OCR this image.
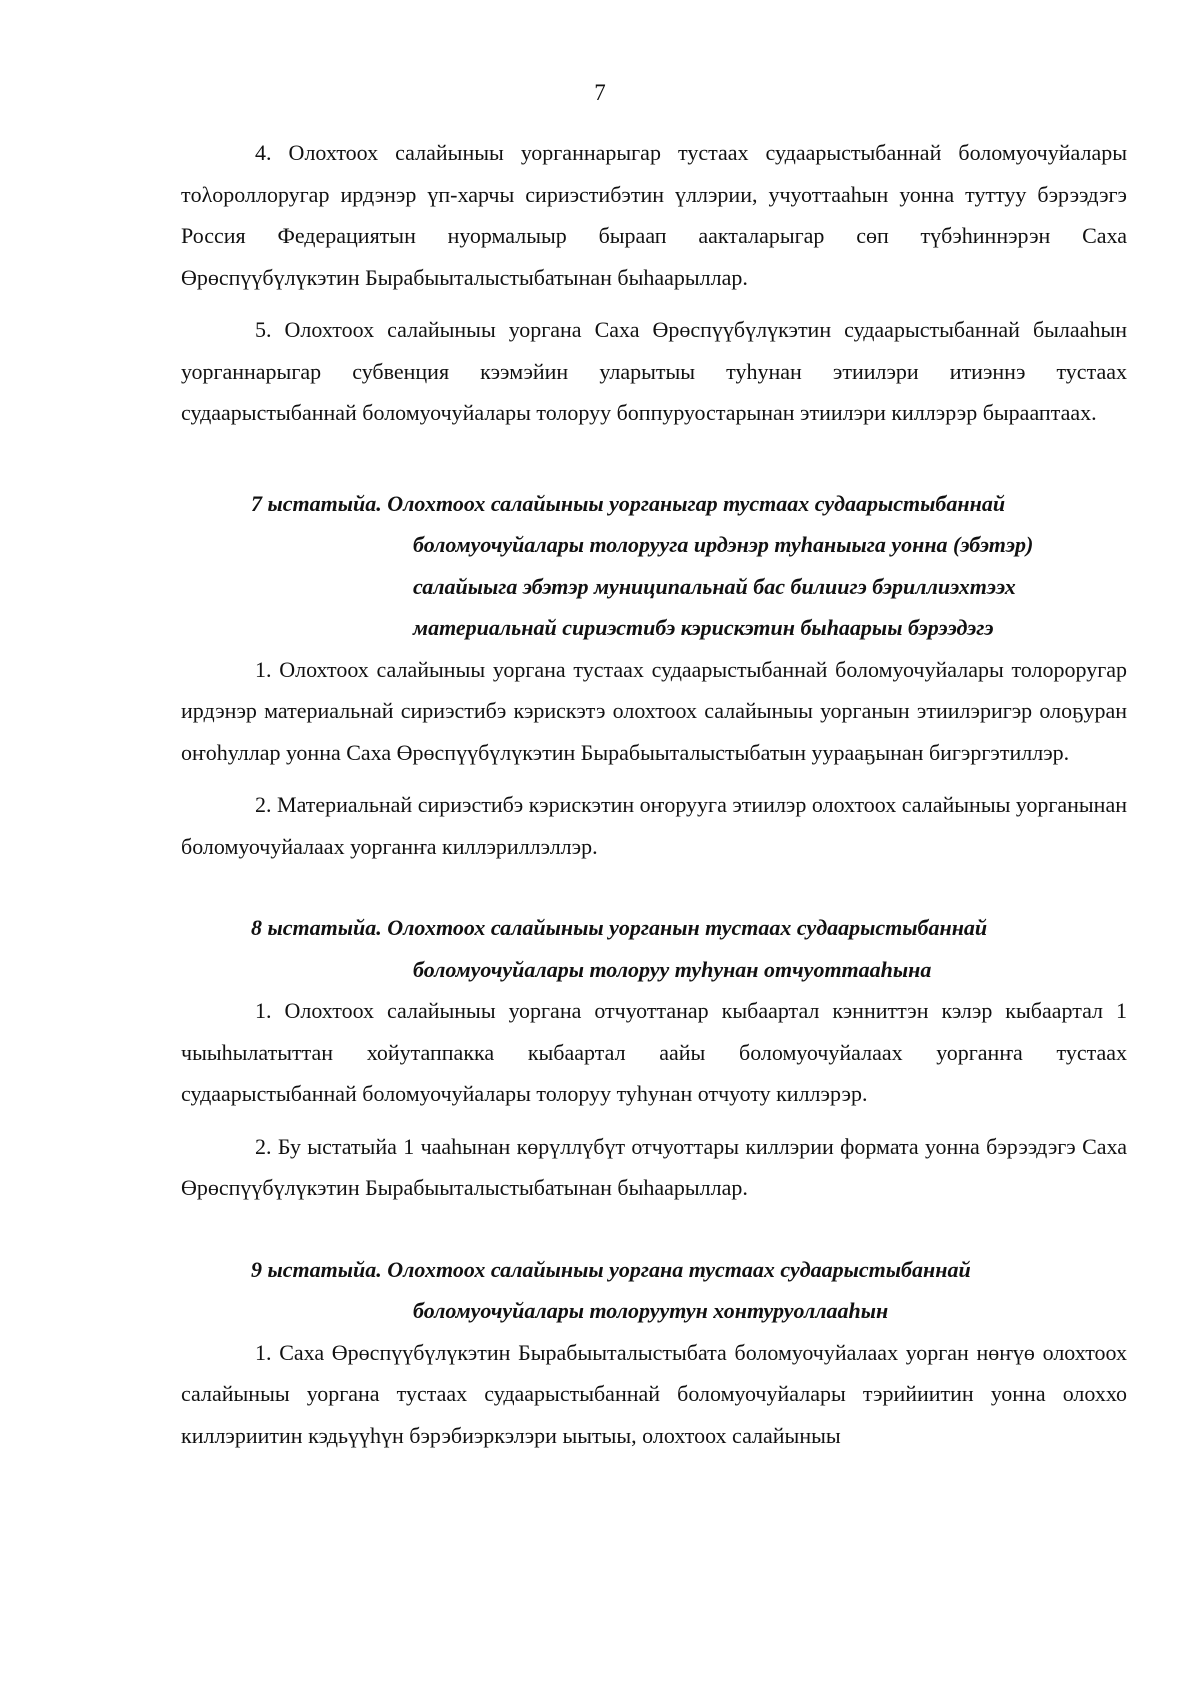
7

4. Олохтоох салайыныы уорганнарыгар тустаах судаарыстыбаннай боломуочуйалары тολороллоругар ирдэнэр үп-харчы сириэстибэтин үллэрии, учуоттааһын уонна туттуу бэрээдэгэ Россия Федерациятын нуормалыыр быраап аакталарыгар сөп түбэһиннэрэн Саха Өрөспүүбүлүкэтин Бырабыыталыстыбатынан быһаарыллар.

5. Олохтоох салайыныы уоргана Саха Өрөспүүбүлүкэтин судаарыстыбаннай былааһын уорганнарыгар субвенция кээмэйин уларытыы туһунан этиилэри итиэннэ тустаах судаарыстыбаннай боломуочуйалары толоруу боппуруостарынан этиилэри киллэрэр бырааптаах.

7 ыстатыйа. Олохтоох салайыныы уорганыгар тустаах судаарыстыбаннай
боломуочуйалары толорууга ирдэнэр туһаныыга уонна (эбэтэр)
салайыыга эбэтэр муниципальнай бас билиигэ бэриллиэхтээх
материальнай сириэстибэ кэрискэтин быһаарыы бэрээдэгэ

1. Олохтоох салайыныы уоргана тустаах судаарыстыбаннай боломуочуйалары толороругар ирдэнэр материальнай сириэстибэ кэрискэтэ олохтоох салайыныы уорганын этиилэригэр олоҕуран оҥоһуллар уонна Саха Өрөспүүбүлүкэтин Бырабыыталыстыбатын уурааҕынан бигэргэтиллэр.

2. Материальнай сириэстибэ кэрискэтин оҥорууга этиилэр олохтоох салайыныы уорганынан боломуочуйалаах уорганҥа киллэриллэллэр.

8 ыстатыйа. Олохтоох салайыныы уорганын тустаах судаарыстыбаннай
боломуочуйалары толоруу туһунан отчуоттааһына

1. Олохтоох салайыныы уоргана отчуоттанар кыбаартал кэнниттэн кэлэр кыбаартал 1 чыыһылатыттан хойутаппакка кыбаартал аайы боломуочуйалаах уорганҥа тустаах судаарыстыбаннай боломуочуйалары толоруу туһунан отчуоту киллэрэр.

2. Бу ыстатыйа 1 чааһынан көрүллүбүт отчуоттары киллэрии формата уонна бэрээдэгэ Саха Өрөспүүбүлүкэтин Бырабыыталыстыбатынан быһаарыллар.

9 ыстатыйа. Олохтоох салайыныы уоргана тустаах судаарыстыбаннай
боломуочуйалары толоруутун хонтуруоллааһын

1. Саха Өрөспүүбүлүкэтин Бырабыыталыстыбата боломуочуйалаах уорган нөҥүө олохтоох салайыныы уоргана тустаах судаарыстыбаннай боломуочуйалары тэрийиитин уонна олоххо киллэриитин кэдьүүһүн бэрэбиэркэлэри ыытыы, олохтоох салайыныы
